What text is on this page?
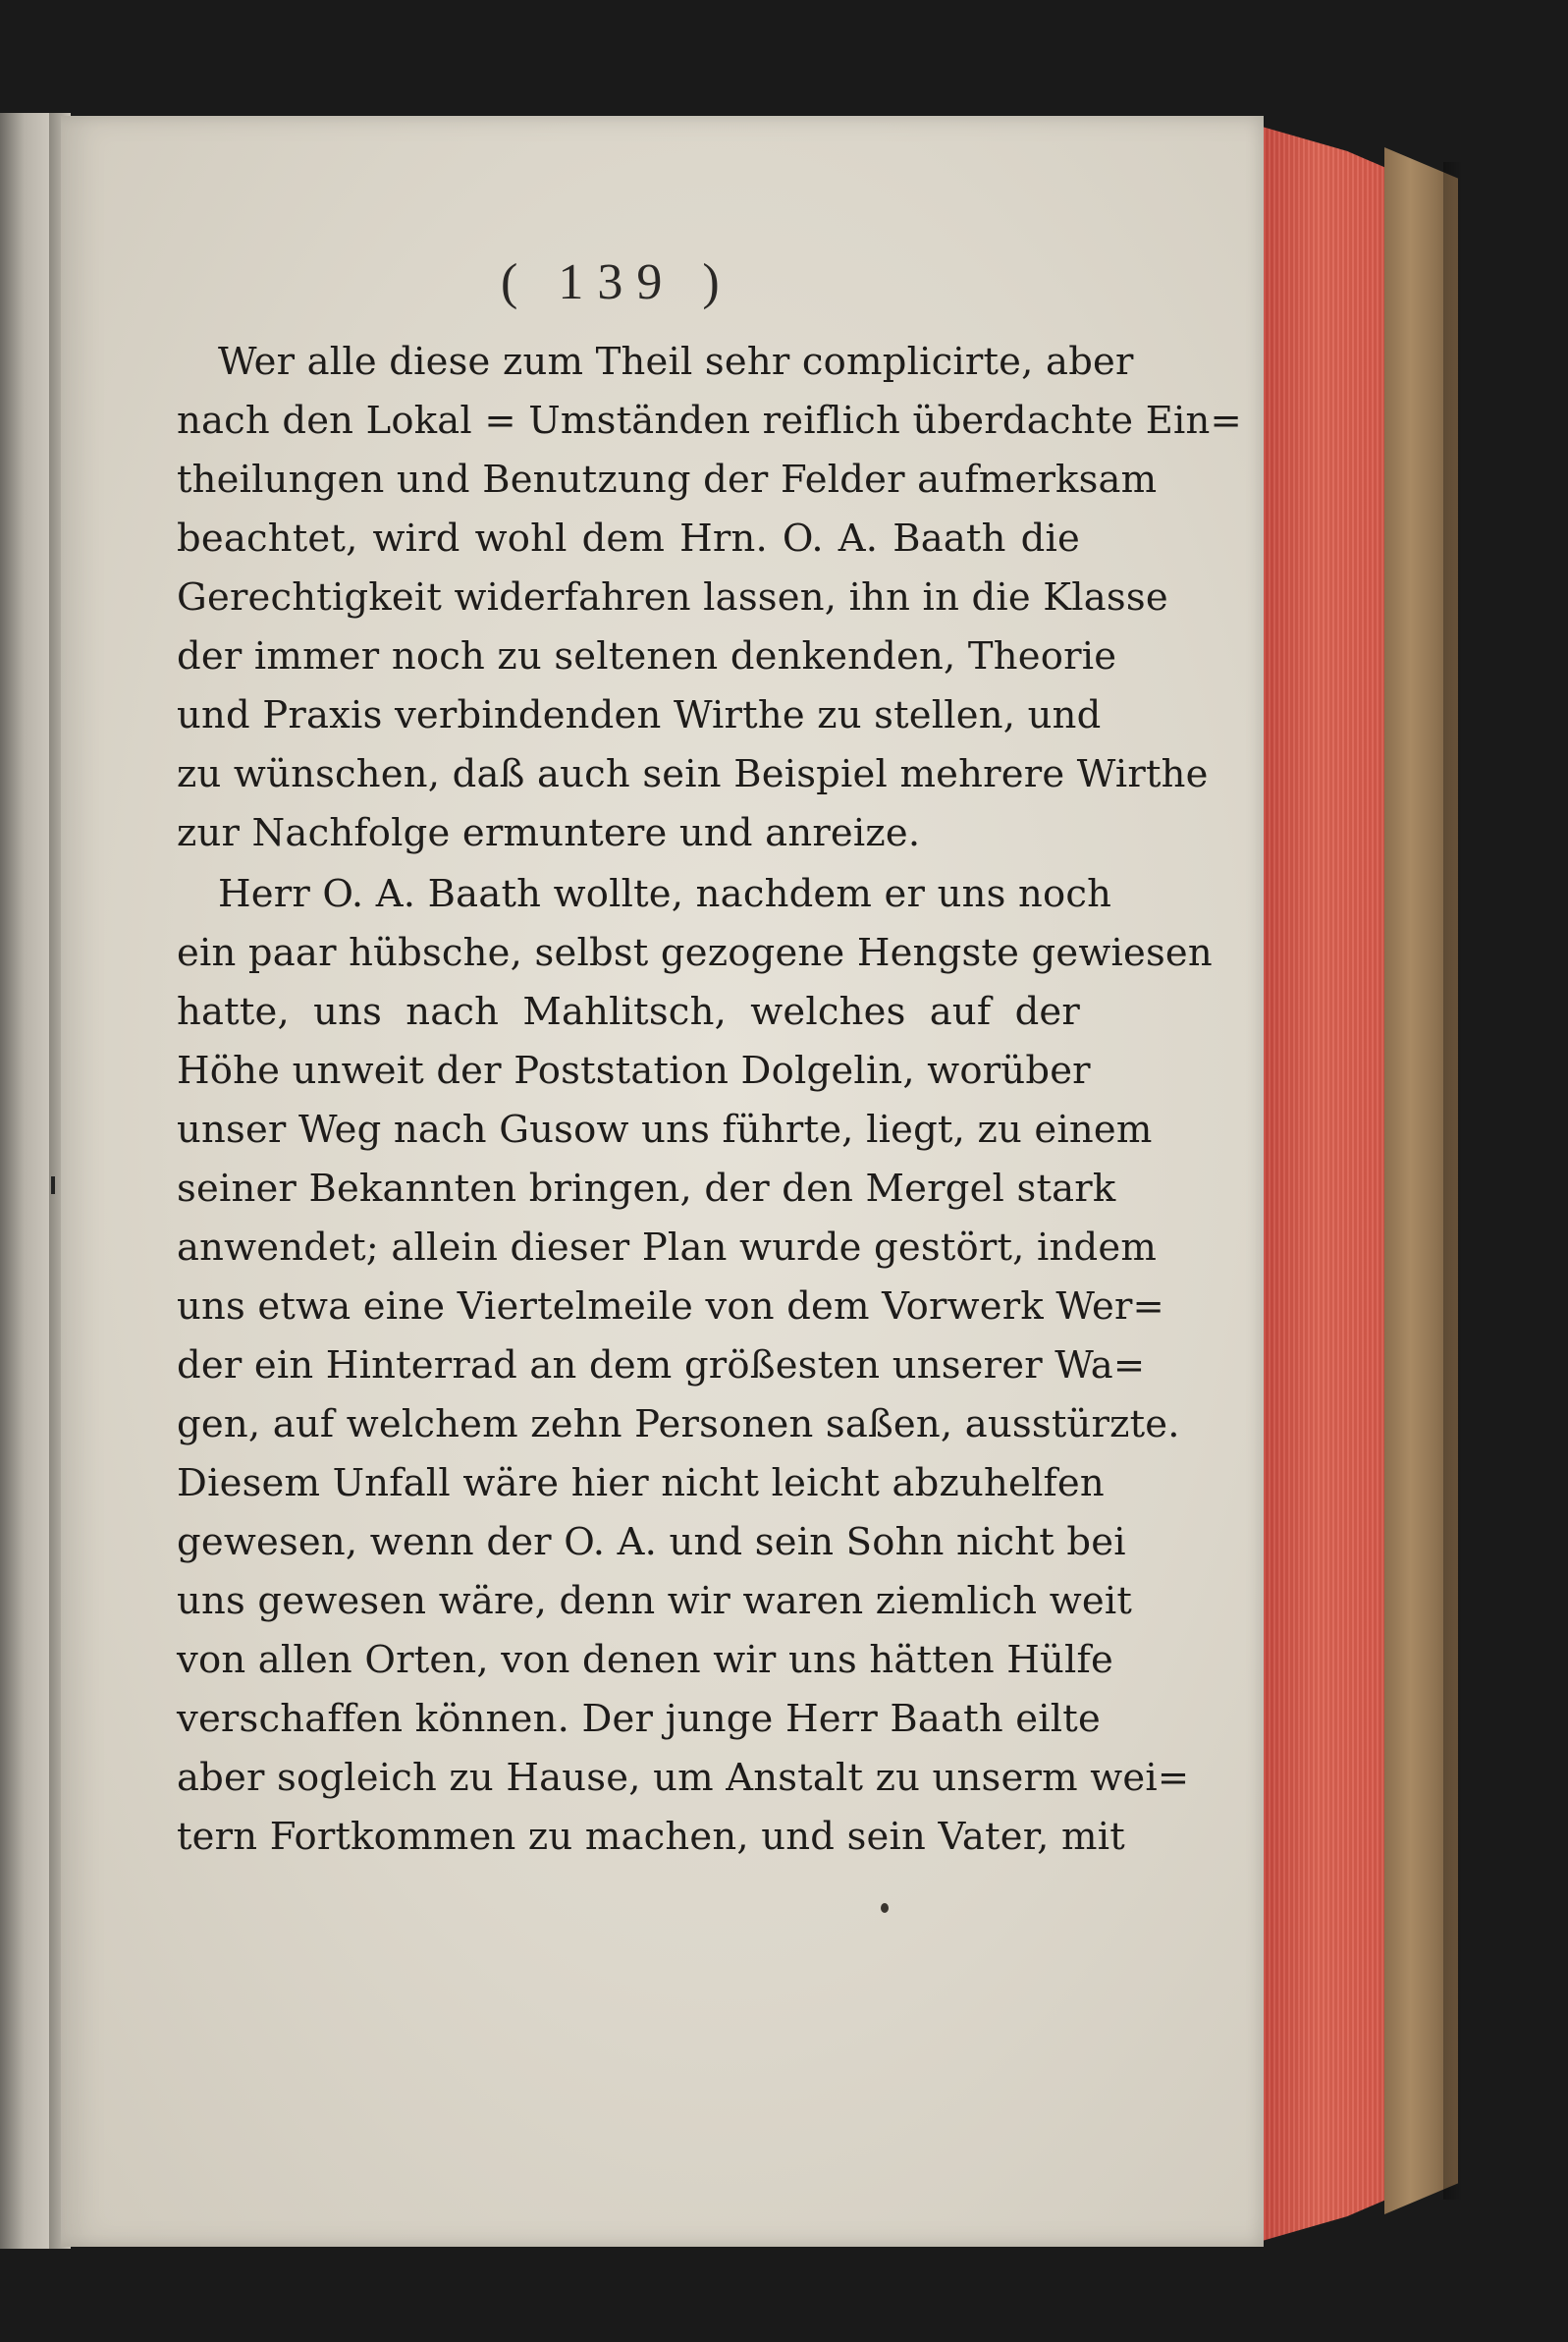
( 139 )
Wer alle diese zum Theil sehr complicirte, aber
nach den Lokal = Umständen reiflich überdachte Ein=
theilungen und Benutzung der Felder aufmerksam
beachtet, wird wohl dem Hrn. O. A. Baath die
Gerechtigkeit widerfahren lassen, ihn in die Klasse
der immer noch zu seltenen denkenden, Theorie
und Praxis verbindenden Wirthe zu stellen, und
zu wünschen, daß auch sein Beispiel mehrere Wirthe
zur Nachfolge ermuntere und anreize.
Herr O. A. Baath wollte, nachdem er uns noch
ein paar hübsche, selbst gezogene Hengste gewiesen
hatte, uns nach Mahlitsch, welches auf der
Höhe unweit der Poststation Dolgelin, worüber
unser Weg nach Gusow uns führte, liegt, zu einem
seiner Bekannten bringen, der den Mergel stark
anwendet; allein dieser Plan wurde gestört, indem
uns etwa eine Viertelmeile von dem Vorwerk Wer=
der ein Hinterrad an dem größesten unserer Wa=
gen, auf welchem zehn Personen saßen, ausstürzte.
Diesem Unfall wäre hier nicht leicht abzuhelfen
gewesen, wenn der O. A. und sein Sohn nicht bei
uns gewesen wäre, denn wir waren ziemlich weit
von allen Orten, von denen wir uns hätten Hülfe
verschaffen können. Der junge Herr Baath eilte
aber sogleich zu Hause, um Anstalt zu unserm wei=
tern Fortkommen zu machen, und sein Vater, mit
